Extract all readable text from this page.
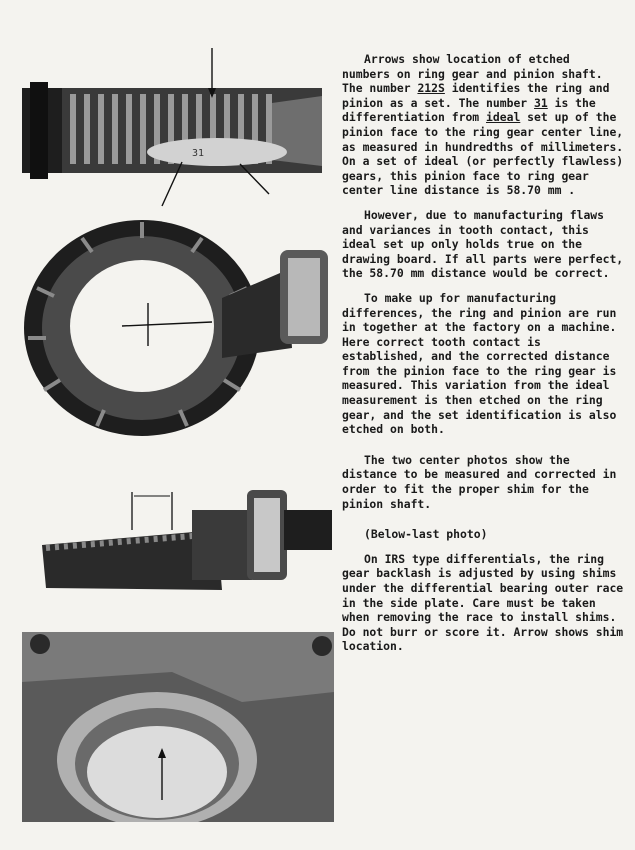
31

Arrows show location of etched numbers on ring gear and pinion shaft. The number 212S identifies the ring and pinion as a set. The number 31 is the differentiation from ideal set up of the pinion face to the ring gear center line, as measured in hundredths of millimeters. On a set of ideal (or perfectly flawless) gears, this pinion face to ring gear center line distance is 58.70 mm .

However, due to manufacturing flaws and variances in tooth contact, this ideal set up only holds true on the drawing board. If all parts were perfect, the 58.70 mm distance would be correct.

To make up for manufacturing differences, the ring and pinion are run in together at the factory on a machine. Here correct tooth contact is established, and the corrected distance from the pinion face to the ring gear is measured. This variation from the ideal measurement is then etched on the ring gear, and the set identification is also etched on both.

The two center photos show the distance to be measured and corrected in order to fit the proper shim for the pinion shaft.

(Below-last photo)

On IRS type differentials, the ring gear backlash is adjusted by using shims under the differential bearing outer race in the side plate. Care must be taken when removing the race to install shims. Do not burr or score it. Arrow shows shim location.
